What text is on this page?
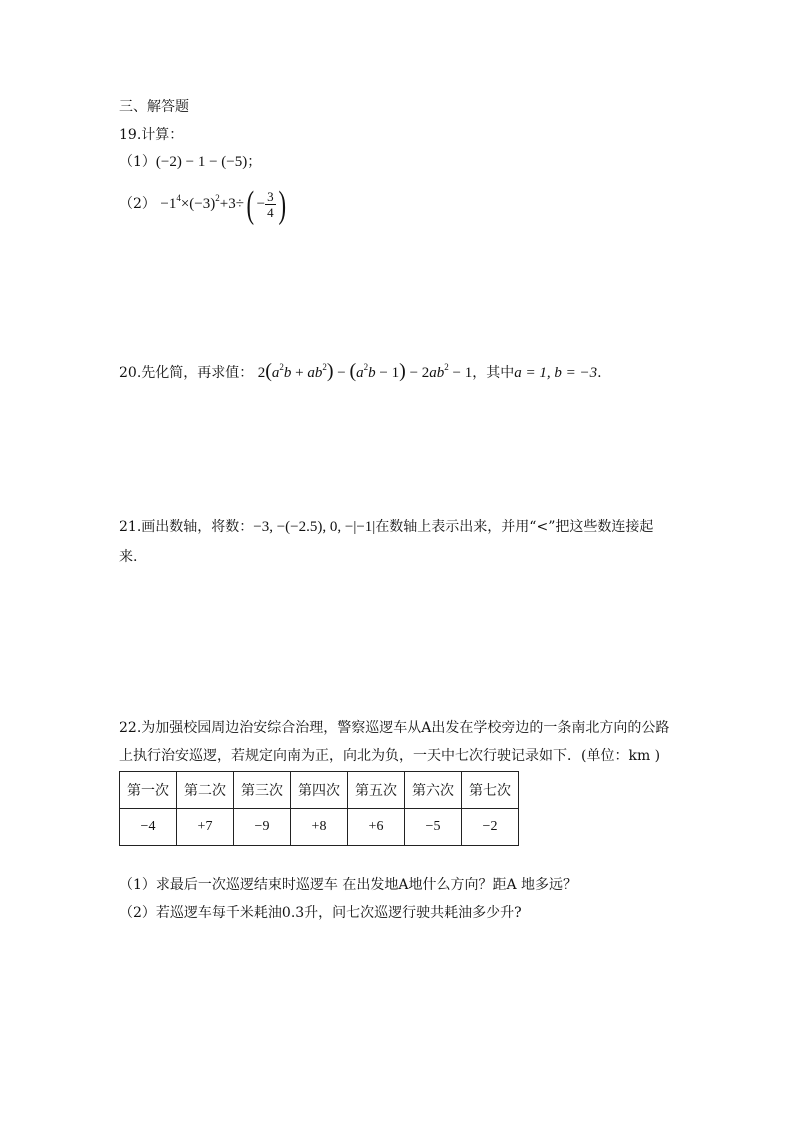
三、解答题
19.计算：
（1）(−2) − 1 − (−5)；
$(2) -1^4\times(-3)^2+3\div( - \frac{3}{4}$ )
20.先化简，再求值： $2(a^2b + ab^2) - (a^2b - 1) - 2ab^2 - 1$，其中a = 1, b = −3.
21.画出数轴，将数：−3, −(−2.5), 0, −|−1|在数轴上表示出来，并用“<”把这些数连接起
来.
22.为加强校园周边治安综合治理，警察巡逻车从A出发在学校旁边的一条南北方向的公路
上执行治安巡逻，若规定向南为正，向北为负，一天中七次行驶记录如下．(单位：km )
第一次	第二次	第三次	第四次	第五次	第六次	第七次
−4	+7	−9	+8	+6	−5	−2
（1）求最后一次巡逻结束时巡逻车 在出发地A地什么方向？距A 地多远？
（2）若巡逻车每千米耗油0.3升，问七次巡逻行驶共耗油多少升?
